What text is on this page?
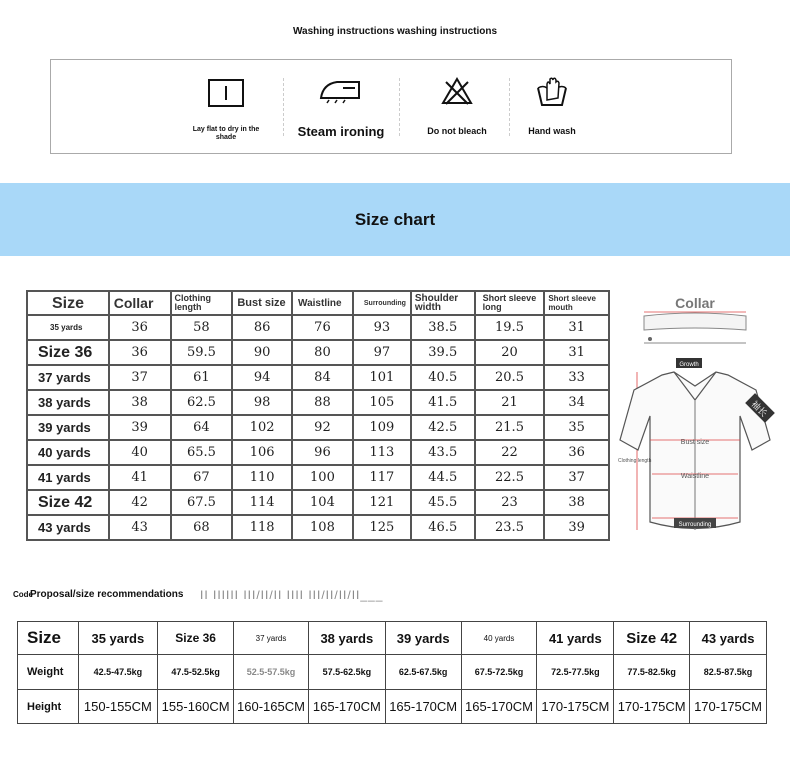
Washing instructions washing instructions
Lay flat to dry in the shade	Steam ironing	Do not bleach	Hand wash
Size chart
Size	Collar	Clothing length	Bust size	Waistline	Surrounding	Shoulder width	Short sleeve long	Short sleeve mouth
35 yards	36	58	86	76	93	38.5	19.5	31
Size 36	36	59.5	90	80	97	39.5	20	31
37 yards	37	61	94	84	101	40.5	20.5	33
38 yards	38	62.5	98	88	105	41.5	21	34
39 yards	39	64	102	92	109	42.5	21.5	35
40 yards	40	65.5	106	96	113	43.5	22	36
41 yards	41	67	110	100	117	44.5	22.5	37
Size 42	42	67.5	114	104	121	45.5	23	38
43 yards	43	68	118	108	125	46.5	23.5	39
Collar
Growth
Bust size
Waistline
Clothing length
Surrounding
袖长
Code
Proposal/size recommendations II IIIIII III/II/II IIII III/II/II/II___
Size	35 yards	Size 36	37 yards	38 yards	39 yards	40 yards	41 yards	Size 42	43 yards
Weight	42.5-47.5kg	47.5-52.5kg	52.5-57.5kg	57.5-62.5kg	62.5-67.5kg	67.5-72.5kg	72.5-77.5kg	77.5-82.5kg	82.5-87.5kg
Height	150-155CM	155-160CM	160-165CM	165-170CM	165-170CM	165-170CM	170-175CM	170-175CM	170-175CM
